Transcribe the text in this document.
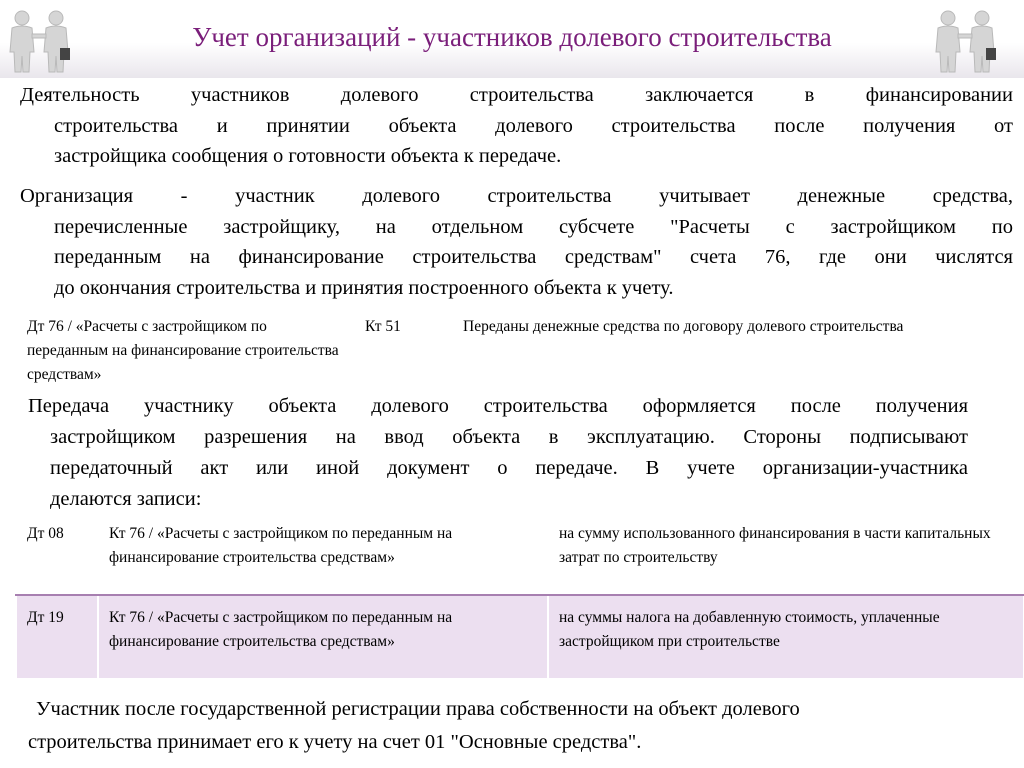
Учет организаций - участников долевого строительства
Деятельность участников долевого строительства заключается в финансировании
строительства и принятии объекта долевого строительства после получения от
застройщика сообщения о готовности объекта к передаче.
Организация - участник долевого строительства учитывает денежные средства,
перечисленные застройщику, на отдельном субсчете "Расчеты с застройщиком по
переданным на финансирование строительства средствам" счета 76, где они числятся
до окончания строительства и принятия построенного объекта к учету.
Дт 76 / «Расчеты с застройщиком по переданным на финансирование строительства средствам»	Кт 51	Переданы денежные средства по договору долевого строительства
Передача участнику объекта долевого строительства оформляется после получения
застройщиком разрешения на ввод объекта в эксплуатацию. Стороны подписывают
передаточный акт или иной документ о передаче. В учете организации-участника
делаются записи:
Дт 08	Кт 76 / «Расчеты с застройщиком по переданным на финансирование строительства средствам»	на сумму использованного финансирования в части капитальных затрат по строительству
Дт 19	Кт 76 / «Расчеты с застройщиком по переданным на финансирование строительства средствам»	на суммы налога на добавленную стоимость, уплаченные застройщиком при строительстве
Участник после государственной регистрации права собственности на объект долевого
строительства принимает его к учету на счет 01 "Основные средства".
